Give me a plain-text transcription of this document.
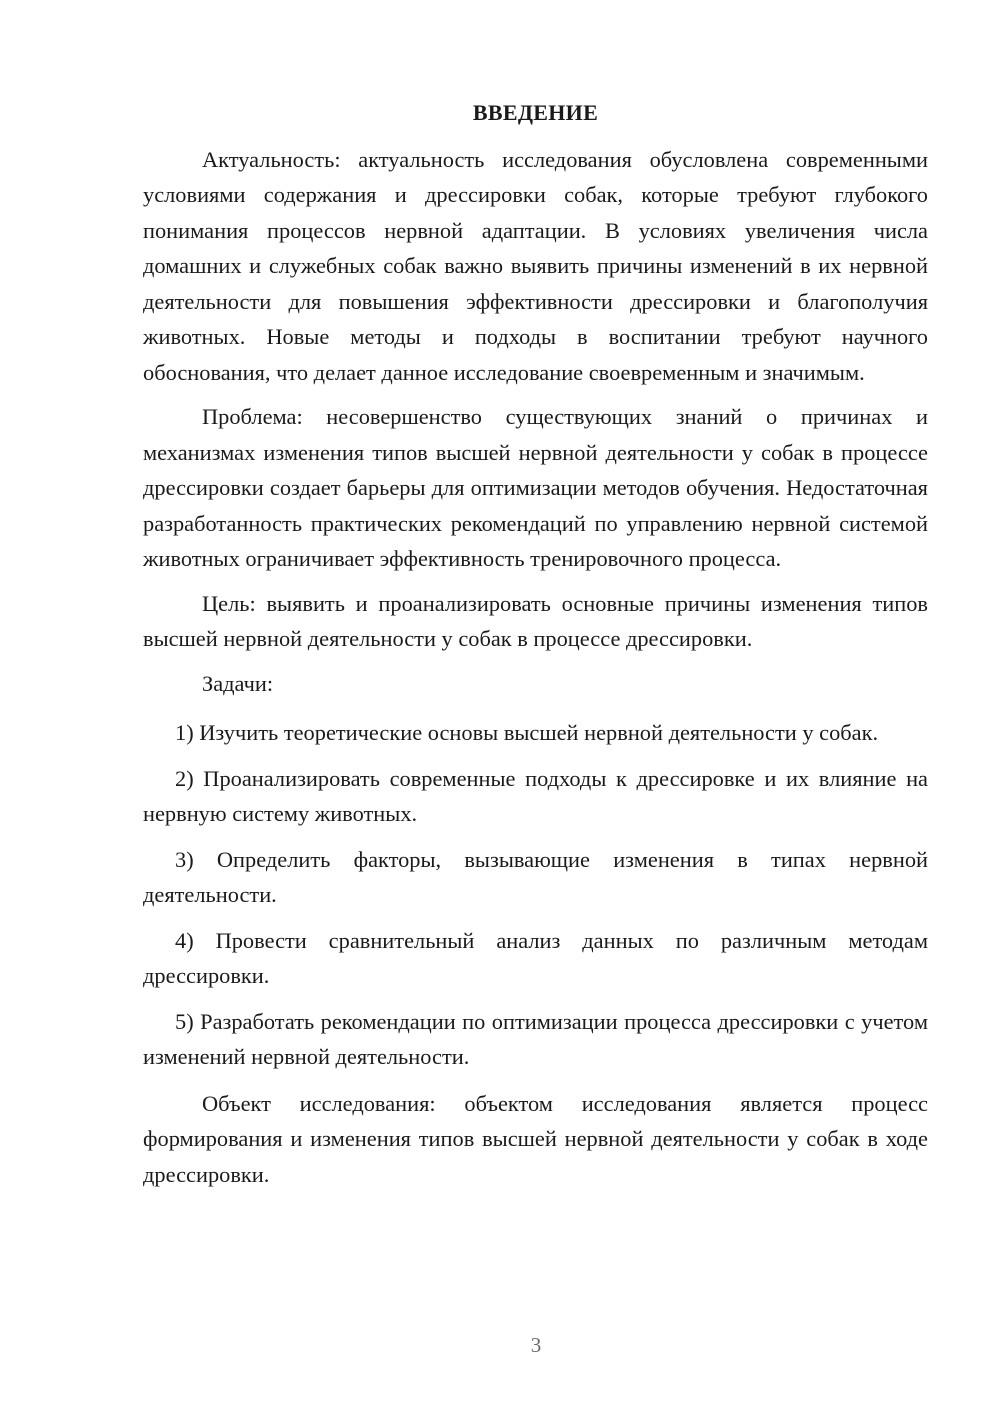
ВВЕДЕНИЕ

Актуальность: актуальность исследования обусловлена современными условиями содержания и дрессировки собак, которые требуют глубокого понимания процессов нервной адаптации. В условиях увеличения числа домашних и служебных собак важно выявить причины изменений в их нервной деятельности для повышения эффективности дрессировки и благополучия животных. Новые методы и подходы в воспитании требуют научного обоснования, что делает данное исследование своевременным и значимым.

Проблема: несовершенство существующих знаний о причинах и механизмах изменения типов высшей нервной деятельности у собак в процессе дрессировки создает барьеры для оптимизации методов обучения. Недостаточная разработанность практических рекомендаций по управлению нервной системой животных ограничивает эффективность тренировочного процесса.

Цель: выявить и проанализировать основные причины изменения типов высшей нервной деятельности у собак в процессе дрессировки.

Задачи:

1) Изучить теоретические основы высшей нервной деятельности у собак.

2) Проанализировать современные подходы к дрессировке и их влияние на нервную систему животных.

3) Определить факторы, вызывающие изменения в типах нервной деятельности.

4) Провести сравнительный анализ данных по различным методам дрессировки.

5) Разработать рекомендации по оптимизации процесса дрессировки с учетом изменений нервной деятельности.

Объект исследования: объектом исследования является процесс формирования и изменения типов высшей нервной деятельности у собак в ходе дрессировки.

3
